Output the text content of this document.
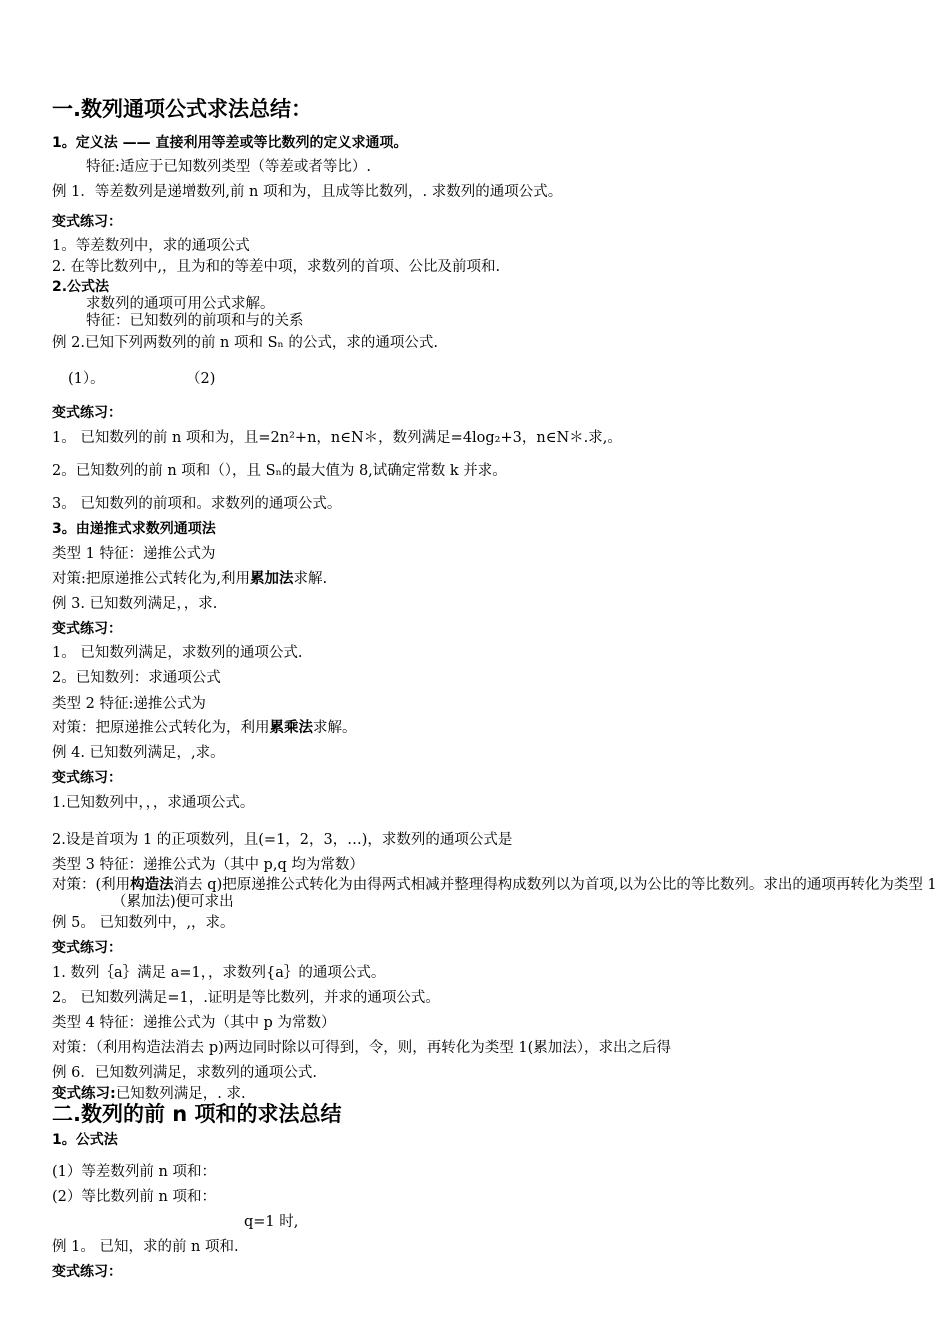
一.数列通项公式求法总结：
1。定义法 —— 直接利用等差或等比数列的定义求通项。
特征:适应于已知数列类型（等差或者等比）.
例 1．等差数列是递增数列,前 n 项和为，且成等比数列，. 求数列的通项公式。
变式练习：
1。等差数列中，求的通项公式
2. 在等比数列中,，且为和的等差中项，求数列的首项、公比及前项和.
2.公式法
求数列的通项可用公式求解。
特征：已知数列的前项和与的关系
例 2.已知下列两数列的前 n 项和 Sₙ 的公式，求的通项公式.
(1）。	（2)
变式练习：
1。 已知数列的前 n 项和为，且=2n²+n，n∈N＊，数列满足=4log₂+3，n∈N＊.求,。
2。已知数列的前 n 项和（），且 Sₙ的最大值为 8,试确定常数 k 并求。
3。 已知数列的前项和。求数列的通项公式。
3。由递推式求数列通项法
类型 1 特征：递推公式为
对策:把原递推公式转化为,利用累加法求解.
例 3. 已知数列满足，，求.
变式练习：
1。 已知数列满足，求数列的通项公式.
2。已知数列：求通项公式
类型 2 特征:递推公式为
对策：把原递推公式转化为，利用累乘法求解。
例 4. 已知数列满足，,求。
变式练习：
1.已知数列中，，，求通项公式。
2.设是首项为 1 的正项数列，且(=1，2，3，…)，求数列的通项公式是
类型 3 特征：递推公式为（其中 p,q 均为常数）
对策：(利用构造法消去 q)把原递推公式转化为由得两式相减并整理得构成数列以为首项,以为公比的等比数列。求出的通项再转化为类型 1（累加法)便可求出
例 5。 已知数列中，,，求。
变式练习：
1. 数列｛a｝满足 a=1，，求数列{a｝的通项公式。
2。 已知数列满足=1，.证明是等比数列，并求的通项公式。
类型 4 特征：递推公式为（其中 p 为常数）
对策：（利用构造法消去 p)两边同时除以可得到，令，则，再转化为类型 1(累加法），求出之后得
例 6．已知数列满足，求数列的通项公式.
变式练习:已知数列满足，. 求.
二.数列的前 n 项和的求法总结
1。公式法
(1）等差数列前 n 项和：
(2）等比数列前 n 项和：
q=1 时,
例 1。 已知，求的前 n 项和.
变式练习：
